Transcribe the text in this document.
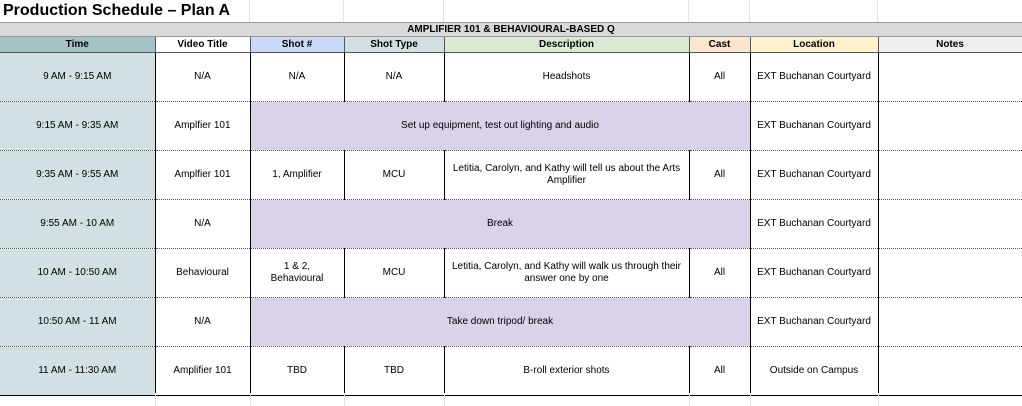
Production Schedule – Plan A
AMPLIFIER 101 & BEHAVIOURAL-BASED Q
Time	Video Title	Shot #	Shot Type	Description	Cast	Location	Notes
9 AM - 9:15 AM	N/A	N/A	N/A	Headshots	All	EXT Buchanan Courtyard	
9:15 AM - 9:35 AM	Amplfier 101	Set up equipment, test out lighting and audio				EXT Buchanan Courtyard	
9:35 AM - 9:55 AM	Amplfier 101	1, Amplifier	MCU	Letitia, Carolyn, and Kathy will tell us about the Arts Amplifier	All	EXT Buchanan Courtyard	
9:55 AM - 10 AM	N/A	Break				EXT Buchanan Courtyard	
10 AM - 10:50 AM	Behavioural	1 & 2, Behavioural	MCU	Letitia, Carolyn, and Kathy will walk us through their answer one by one	All	EXT Buchanan Courtyard	
10:50 AM - 11 AM	N/A	Take down tripod/ break				EXT Buchanan Courtyard	
11 AM - 11:30 AM	Amplifier 101	TBD	TBD	B-roll exterior shots	All	Outside on Campus	
